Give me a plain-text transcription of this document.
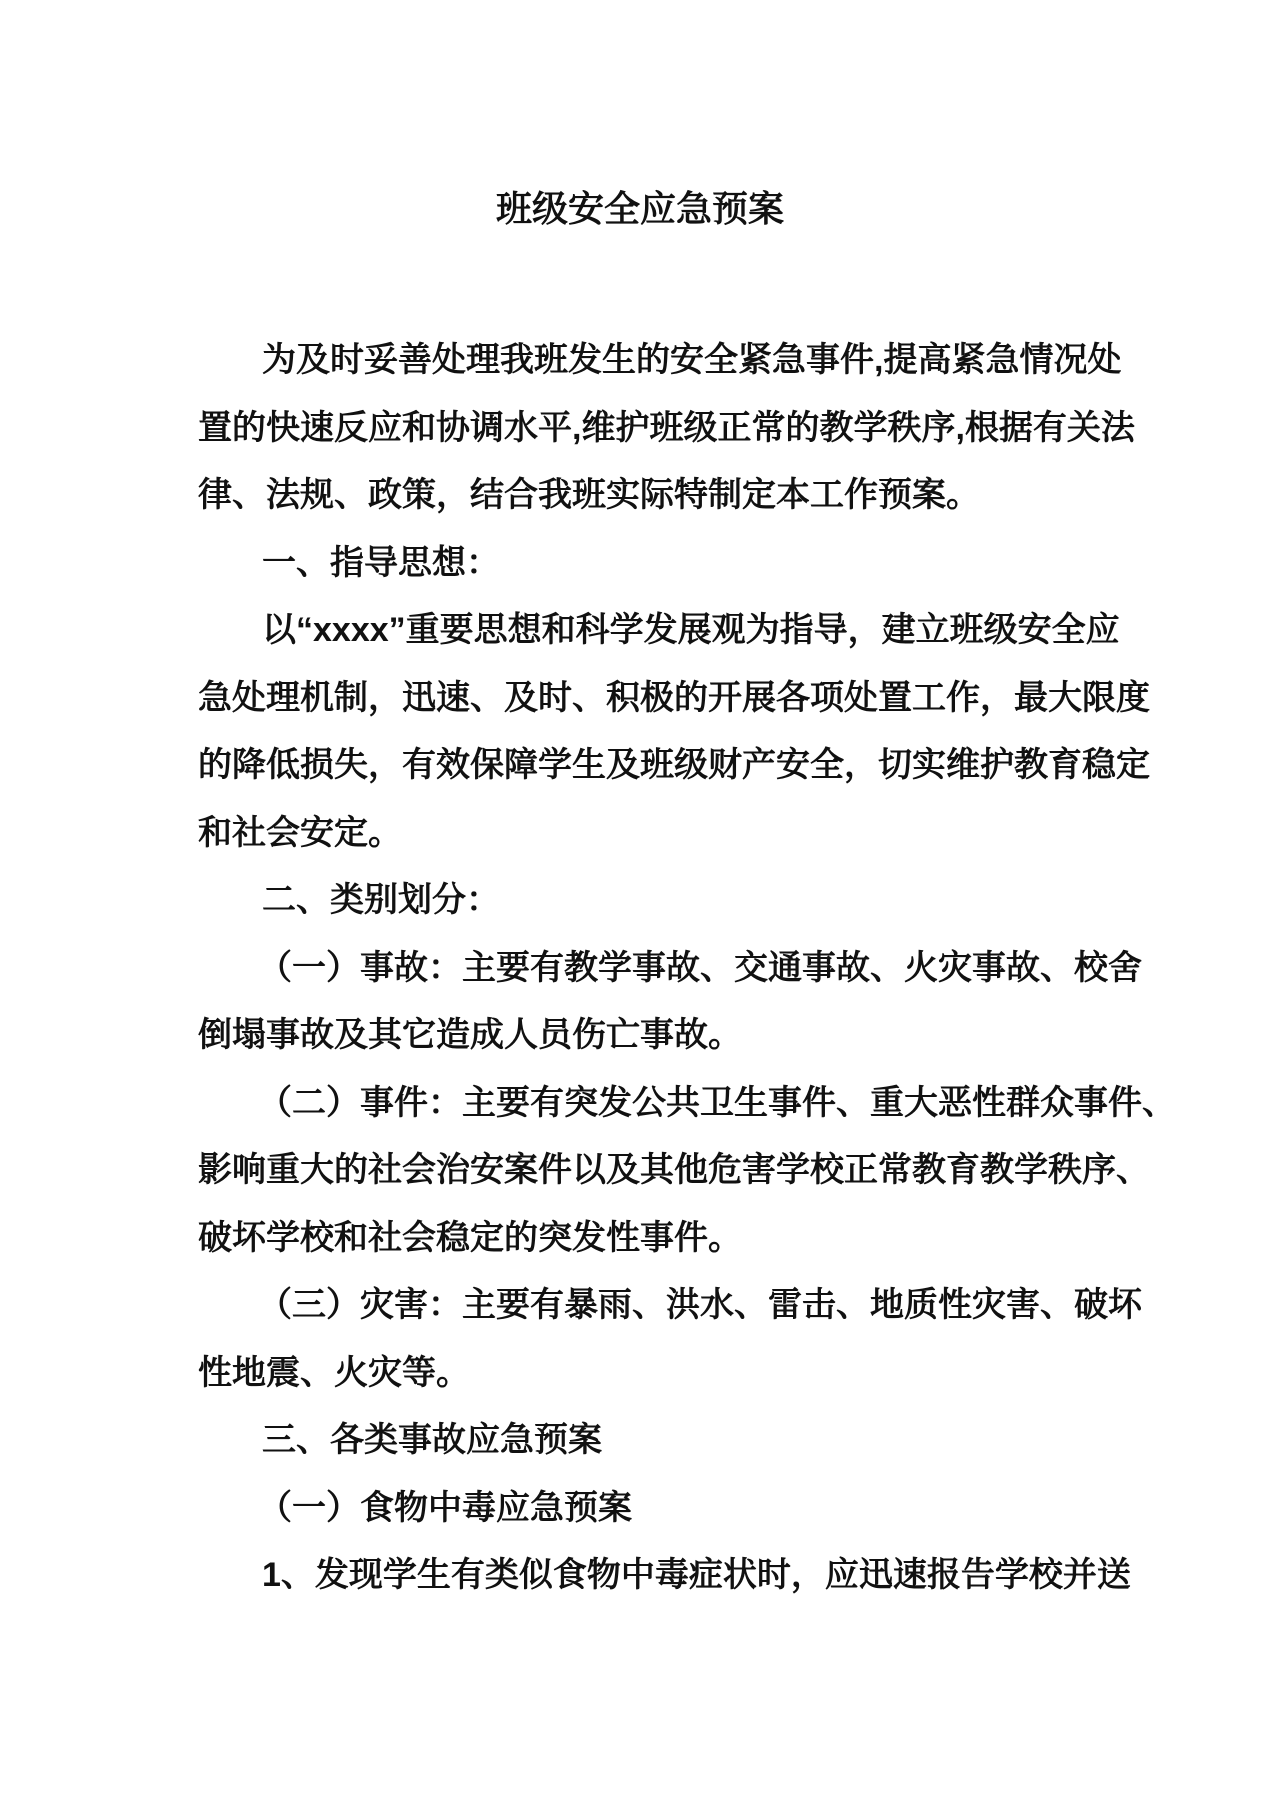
班级安全应急预案
为及时妥善处理我班发生的安全紧急事件,提高紧急情况处
置的快速反应和协调水平,维护班级正常的教学秩序,根据有关法
律、法规、政策，结合我班实际特制定本工作预案。
一、指导思想：
以“xxxx”重要思想和科学发展观为指导，建立班级安全应
急处理机制，迅速、及时、积极的开展各项处置工作，最大限度
的降低损失，有效保障学生及班级财产安全，切实维护教育稳定
和社会安定。
二、类别划分：
（一）事故：主要有教学事故、交通事故、火灾事故、校舍
倒塌事故及其它造成人员伤亡事故。
（二）事件：主要有突发公共卫生事件、重大恶性群众事件、
影响重大的社会治安案件以及其他危害学校正常教育教学秩序、
破坏学校和社会稳定的突发性事件。
（三）灾害：主要有暴雨、洪水、雷击、地质性灾害、破坏
性地震、火灾等。
三、各类事故应急预案
（一）食物中毒应急预案
1、发现学生有类似食物中毒症状时，应迅速报告学校并送
